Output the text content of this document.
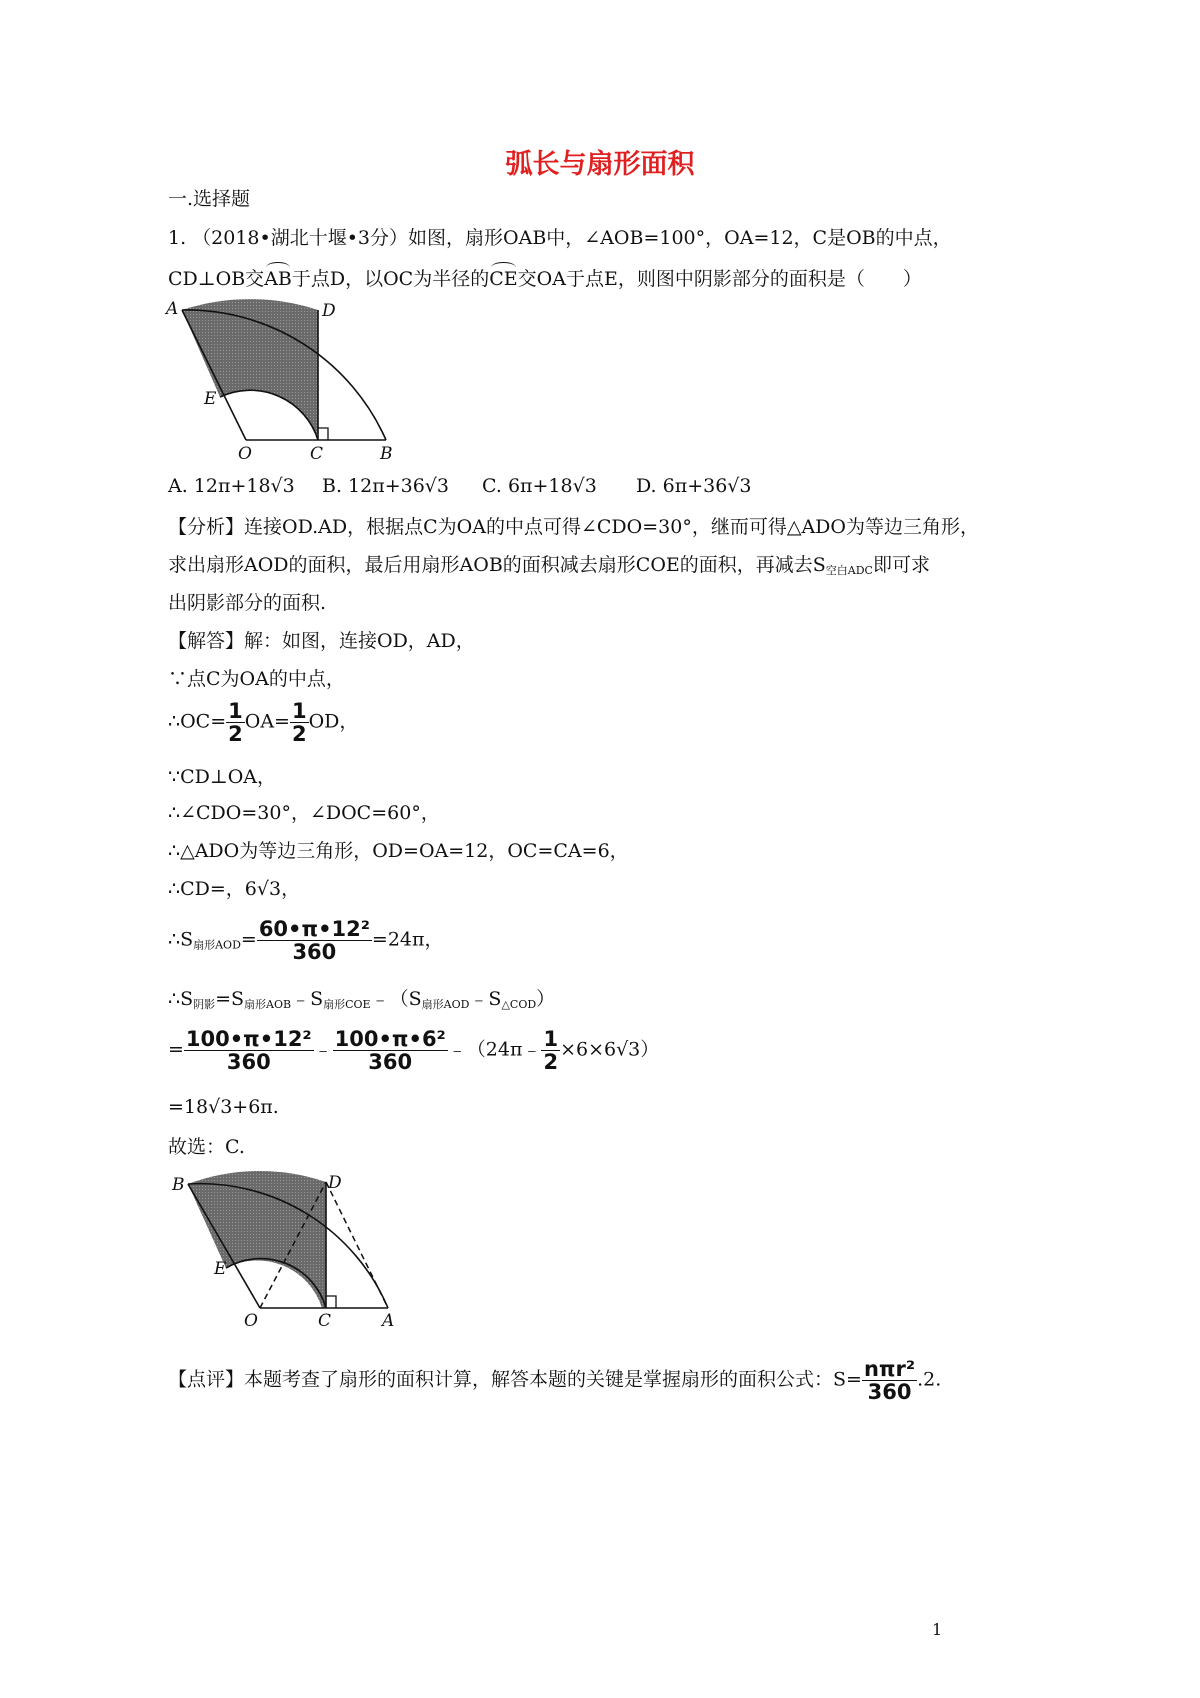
弧长与扇形面积
一.选择题
1. （2018•湖北十堰•3分）如图，扇形OAB中，∠AOB=100°，OA=12，C是OB的中点，
CD⊥OB交AB于点D，以OC为半径的CE交OA于点E，则图中阴影部分的面积是（　　）
A	D
E
O	C	B
A. 12π+18√3 B. 12π+36√3 C. 6π+18√3 D. 6π+36√3
【分析】连接OD.AD，根据点C为OA的中点可得∠CDO=30°，继而可得△ADO为等边三角形，
求出扇形AOD的面积，最后用扇形AOB的面积减去扇形COE的面积，再减去$S_{空白ADC}$即可求
出阴影部分的面积.
【解答】解：如图，连接OD，AD，
∵点C为OA的中点，
∴OC= $\frac{1}{2} OA= \frac{1}{2}$ OD，
∵CD⊥OA，
∴∠CDO=30°，∠DOC=60°，
∴△ADO为等边三角形，OD=OA=12，OC=CA=6，
∴CD=，6√3，
$\therefore S_{扇形AOD}= \frac{\text{60•π•12²}}{360} =24\pi$，
$\therefore S_{阴影}=S_{扇形AOB}﹣S_{扇形COE}﹣(S_{扇形AOD}﹣S_{\triangle COD})$
= $\frac{\text{100•π•12²}}{360}$ ﹣ $\frac{\text{100•π•6²}}{360}$ ﹣（24π﹣ $\frac{1}{2} \times 6\times 6√3$）
=18√3+6π.
故选：C.
B	D
E
O	C	A
【点评】本题考查了扇形的面积计算，解答本题的关键是掌握扇形的面积公式：$S= \frac{\text{nπr²}}{360} .2$.
1
